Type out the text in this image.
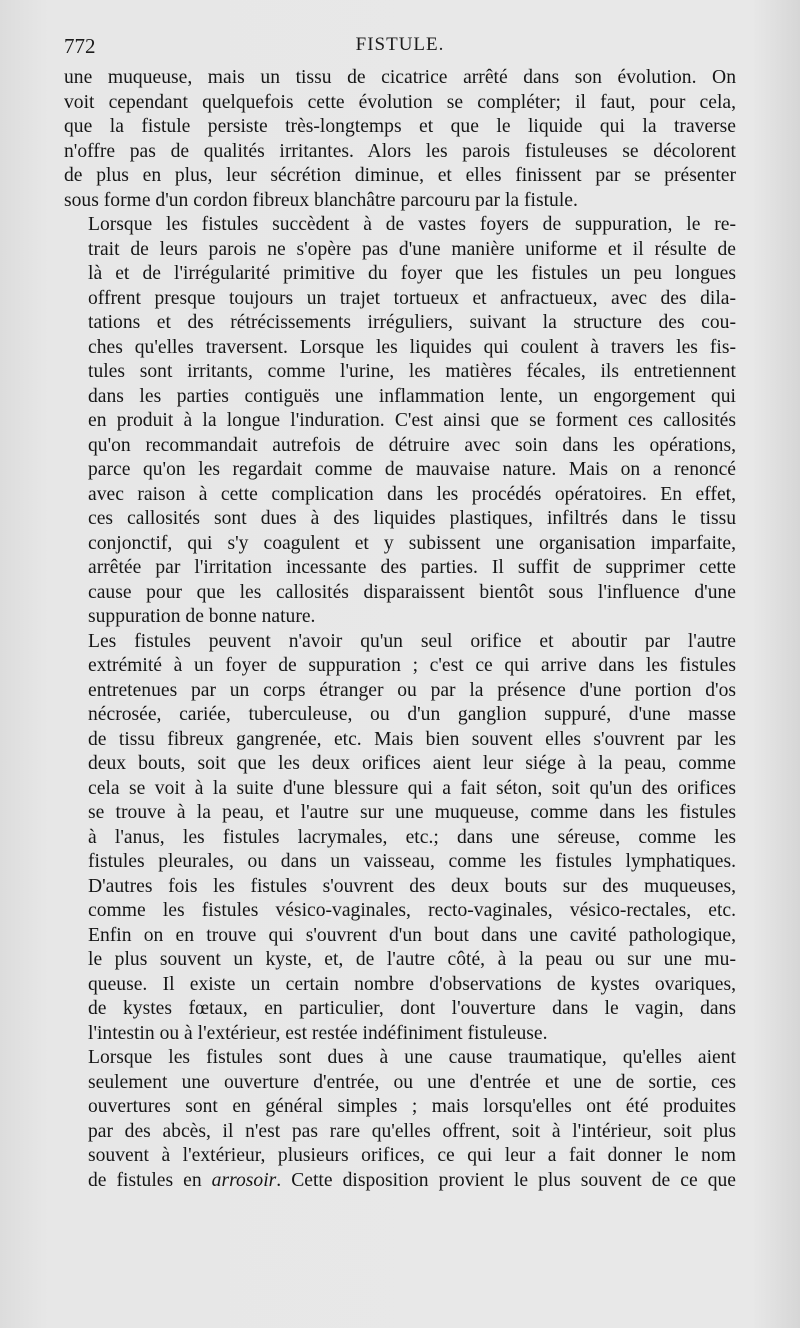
772	FISTULE.
une muqueuse, mais un tissu de cicatrice arrêté dans son évolution. On
voit cependant quelquefois cette évolution se compléter; il faut, pour cela,
que la fistule persiste très-longtemps et que le liquide qui la traverse
n'offre pas de qualités irritantes. Alors les parois fistuleuses se décolorent
de plus en plus, leur sécrétion diminue, et elles finissent par se présenter
sous forme d'un cordon fibreux blanchâtre parcouru par la fistule.
Lorsque les fistules succèdent à de vastes foyers de suppuration, le re-
trait de leurs parois ne s'opère pas d'une manière uniforme et il résulte de
là et de l'irrégularité primitive du foyer que les fistules un peu longues
offrent presque toujours un trajet tortueux et anfractueux, avec des dila-
tations et des rétrécissements irréguliers, suivant la structure des cou-
ches qu'elles traversent. Lorsque les liquides qui coulent à travers les fis-
tules sont irritants, comme l'urine, les matières fécales, ils entretiennent
dans les parties contiguës une inflammation lente, un engorgement qui
en produit à la longue l'induration. C'est ainsi que se forment ces callosités
qu'on recommandait autrefois de détruire avec soin dans les opérations,
parce qu'on les regardait comme de mauvaise nature. Mais on a renoncé
avec raison à cette complication dans les procédés opératoires. En effet,
ces callosités sont dues à des liquides plastiques, infiltrés dans le tissu
conjonctif, qui s'y coagulent et y subissent une organisation imparfaite,
arrêtée par l'irritation incessante des parties. Il suffit de supprimer cette
cause pour que les callosités disparaissent bientôt sous l'influence d'une
suppuration de bonne nature.
Les fistules peuvent n'avoir qu'un seul orifice et aboutir par l'autre
extrémité à un foyer de suppuration ; c'est ce qui arrive dans les fistules
entretenues par un corps étranger ou par la présence d'une portion d'os
nécrosée, cariée, tuberculeuse, ou d'un ganglion suppuré, d'une masse
de tissu fibreux gangrenée, etc. Mais bien souvent elles s'ouvrent par les
deux bouts, soit que les deux orifices aient leur siége à la peau, comme
cela se voit à la suite d'une blessure qui a fait séton, soit qu'un des orifices
se trouve à la peau, et l'autre sur une muqueuse, comme dans les fistules
à l'anus, les fistules lacrymales, etc.; dans une séreuse, comme les
fistules pleurales, ou dans un vaisseau, comme les fistules lymphatiques.
D'autres fois les fistules s'ouvrent des deux bouts sur des muqueuses,
comme les fistules vésico-vaginales, recto-vaginales, vésico-rectales, etc.
Enfin on en trouve qui s'ouvrent d'un bout dans une cavité pathologique,
le plus souvent un kyste, et, de l'autre côté, à la peau ou sur une mu-
queuse. Il existe un certain nombre d'observations de kystes ovariques,
de kystes fœtaux, en particulier, dont l'ouverture dans le vagin, dans
l'intestin ou à l'extérieur, est restée indéfiniment fistuleuse.
Lorsque les fistules sont dues à une cause traumatique, qu'elles aient
seulement une ouverture d'entrée, ou une d'entrée et une de sortie, ces
ouvertures sont en général simples ; mais lorsqu'elles ont été produites
par des abcès, il n'est pas rare qu'elles offrent, soit à l'intérieur, soit plus
souvent à l'extérieur, plusieurs orifices, ce qui leur a fait donner le nom
de fistules en arrosoir. Cette disposition provient le plus souvent de ce que
